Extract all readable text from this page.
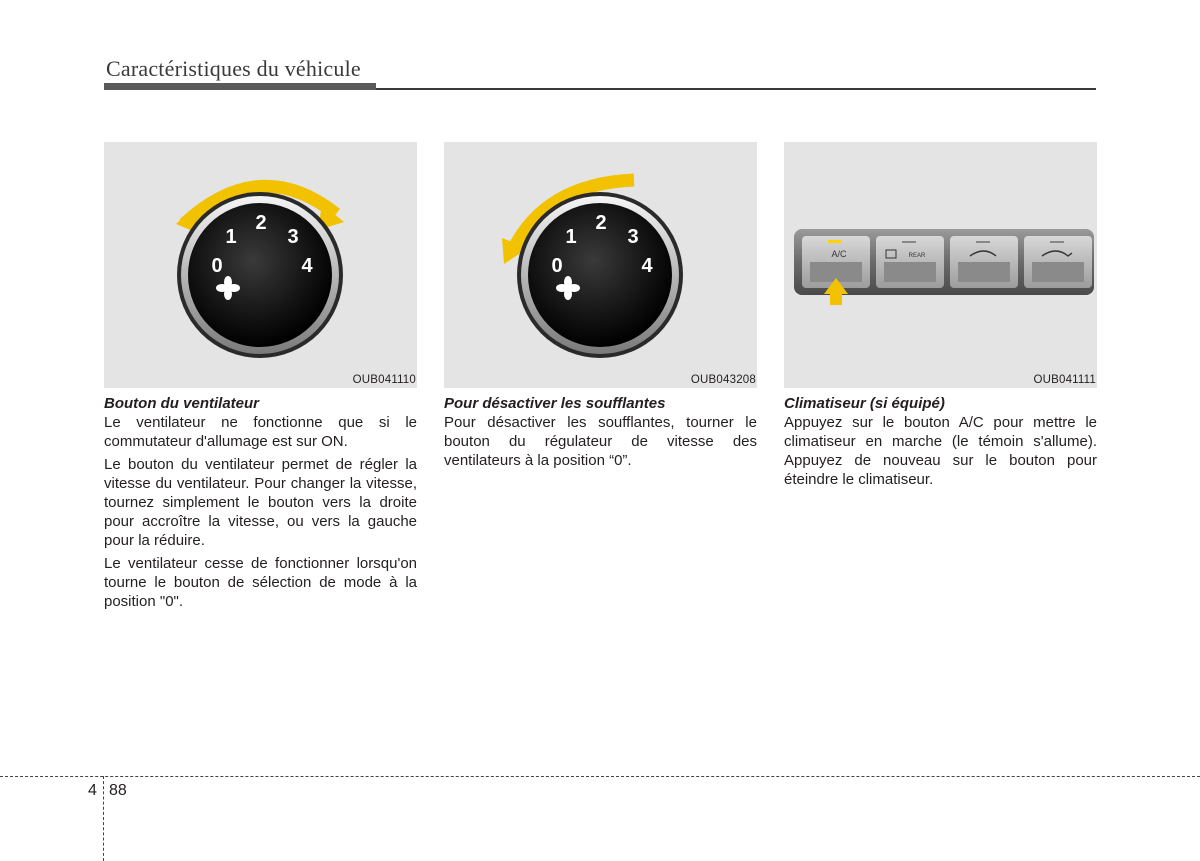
Caractéristiques du véhicule
0
1
2
3
4
OUB041110
Bouton du ventilateur

Le ventilateur ne fonctionne que si le commutateur d'allumage est sur ON.

Le bouton du ventilateur permet de régler la vitesse du ventilateur. Pour changer la vitesse, tournez simplement le bouton vers la droite pour accroître la vitesse, ou vers la gauche pour la réduire.

Le ventilateur cesse de fonctionner lorsqu'on tourne le bouton de sélection de mode à la position "0".

0
1
2
3
4
OUB043208
Pour désactiver les soufflantes

Pour désactiver les soufflantes, tourner le bouton du régulateur de vitesse des ventilateurs à la position “0”.

A/C	REAR
OUB041111
Climatiseur (si équipé)

Appuyez sur le bouton A/C pour mettre le climatiseur en marche (le témoin s'allume). Appuyez de nouveau sur le bouton pour éteindre le climatiseur.

4 88
